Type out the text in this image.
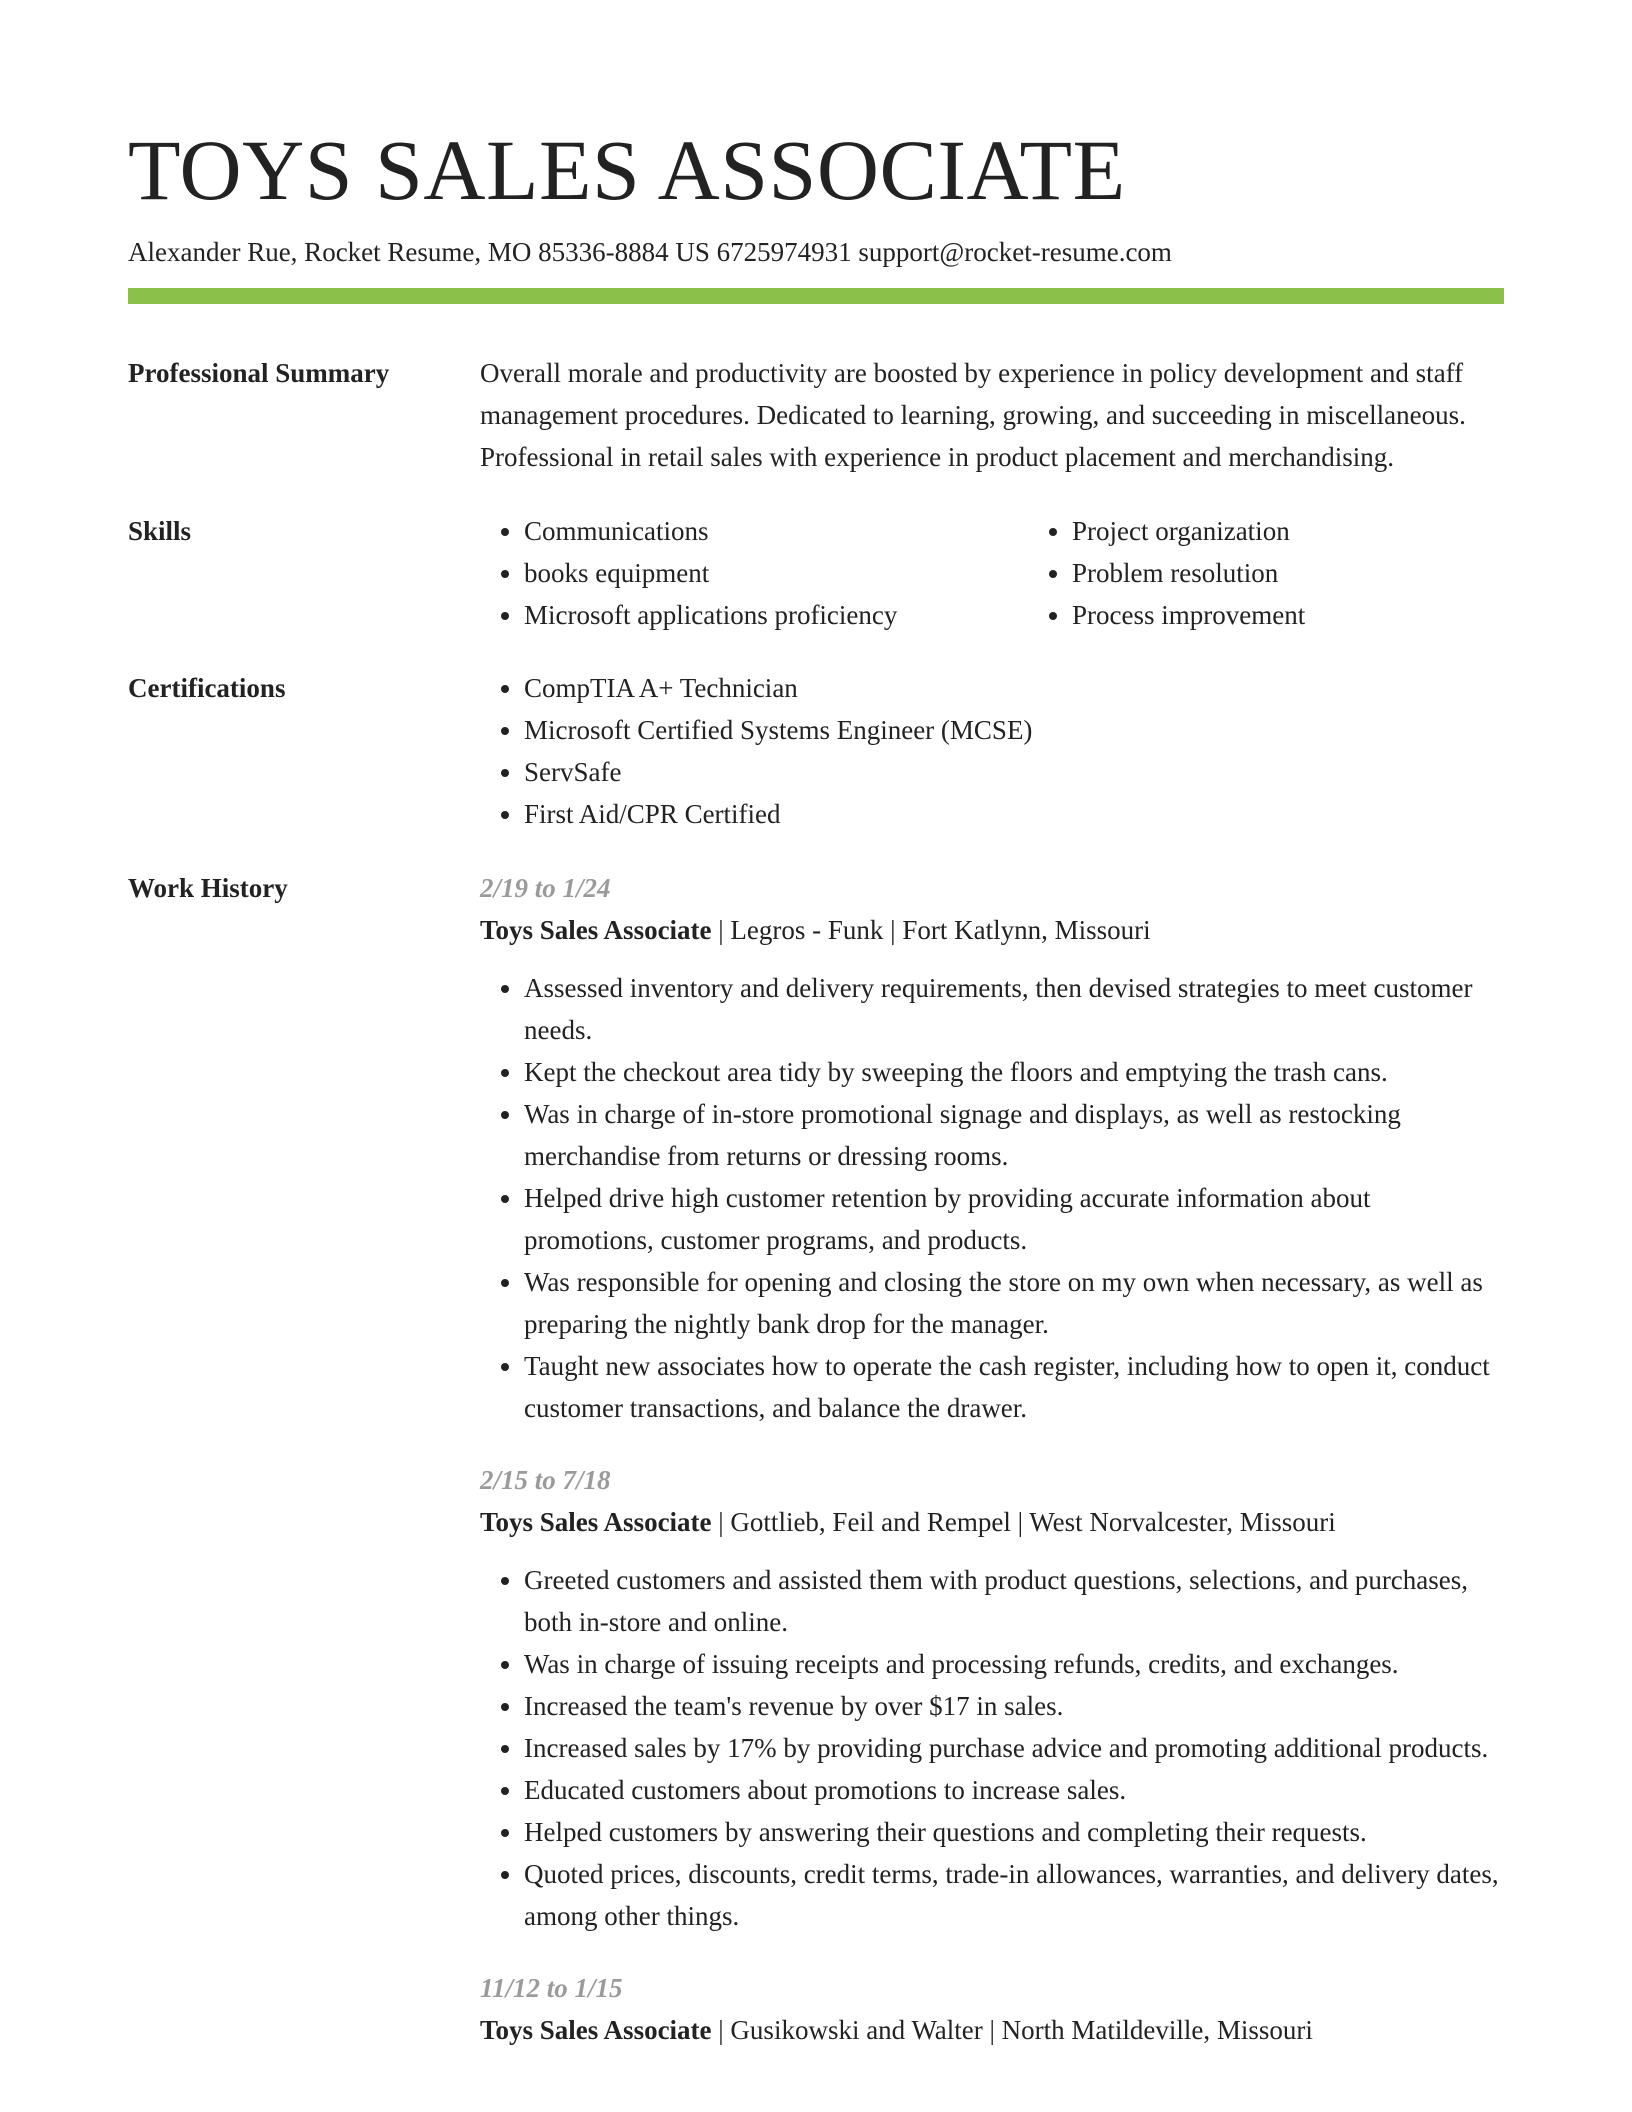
TOYS SALES ASSOCIATE
Alexander Rue, Rocket Resume, MO 85336-8884 US 6725974931 support@rocket-resume.com
Professional Summary	Overall morale and productivity are boosted by experience in policy development and staff management procedures. Dedicated to learning, growing, and succeeding in miscellaneous. Professional in retail sales with experience in product placement and merchandising.

Skills	• Communications
• books equipment
• Microsoft applications proficiency
• Project organization
• Problem resolution
• Process improvement
Certifications	• CompTIA A+ Technician
• Microsoft Certified Systems Engineer (MCSE)
• ServSafe
• First Aid/CPR Certified
Work History	2/19 to 1/24
Toys Sales Associate | Legros - Funk | Fort Katlynn, Missouri
• Assessed inventory and delivery requirements, then devised strategies to meet customer needs.
• Kept the checkout area tidy by sweeping the floors and emptying the trash cans.
• Was in charge of in-store promotional signage and displays, as well as restocking merchandise from returns or dressing rooms.
• Helped drive high customer retention by providing accurate information about promotions, customer programs, and products.
• Was responsible for opening and closing the store on my own when necessary, as well as preparing the nightly bank drop for the manager.
• Taught new associates how to operate the cash register, including how to open it, conduct customer transactions, and balance the drawer.
2/15 to 7/18
Toys Sales Associate | Gottlieb, Feil and Rempel | West Norvalcester, Missouri
• Greeted customers and assisted them with product questions, selections, and purchases, both in-store and online.
• Was in charge of issuing receipts and processing refunds, credits, and exchanges.
• Increased the team's revenue by over $17 in sales.
• Increased sales by 17% by providing purchase advice and promoting additional products.
• Educated customers about promotions to increase sales.
• Helped customers by answering their questions and completing their requests.
• Quoted prices, discounts, credit terms, trade-in allowances, warranties, and delivery dates, among other things.
11/12 to 1/15
Toys Sales Associate | Gusikowski and Walter | North Matildeville, Missouri
